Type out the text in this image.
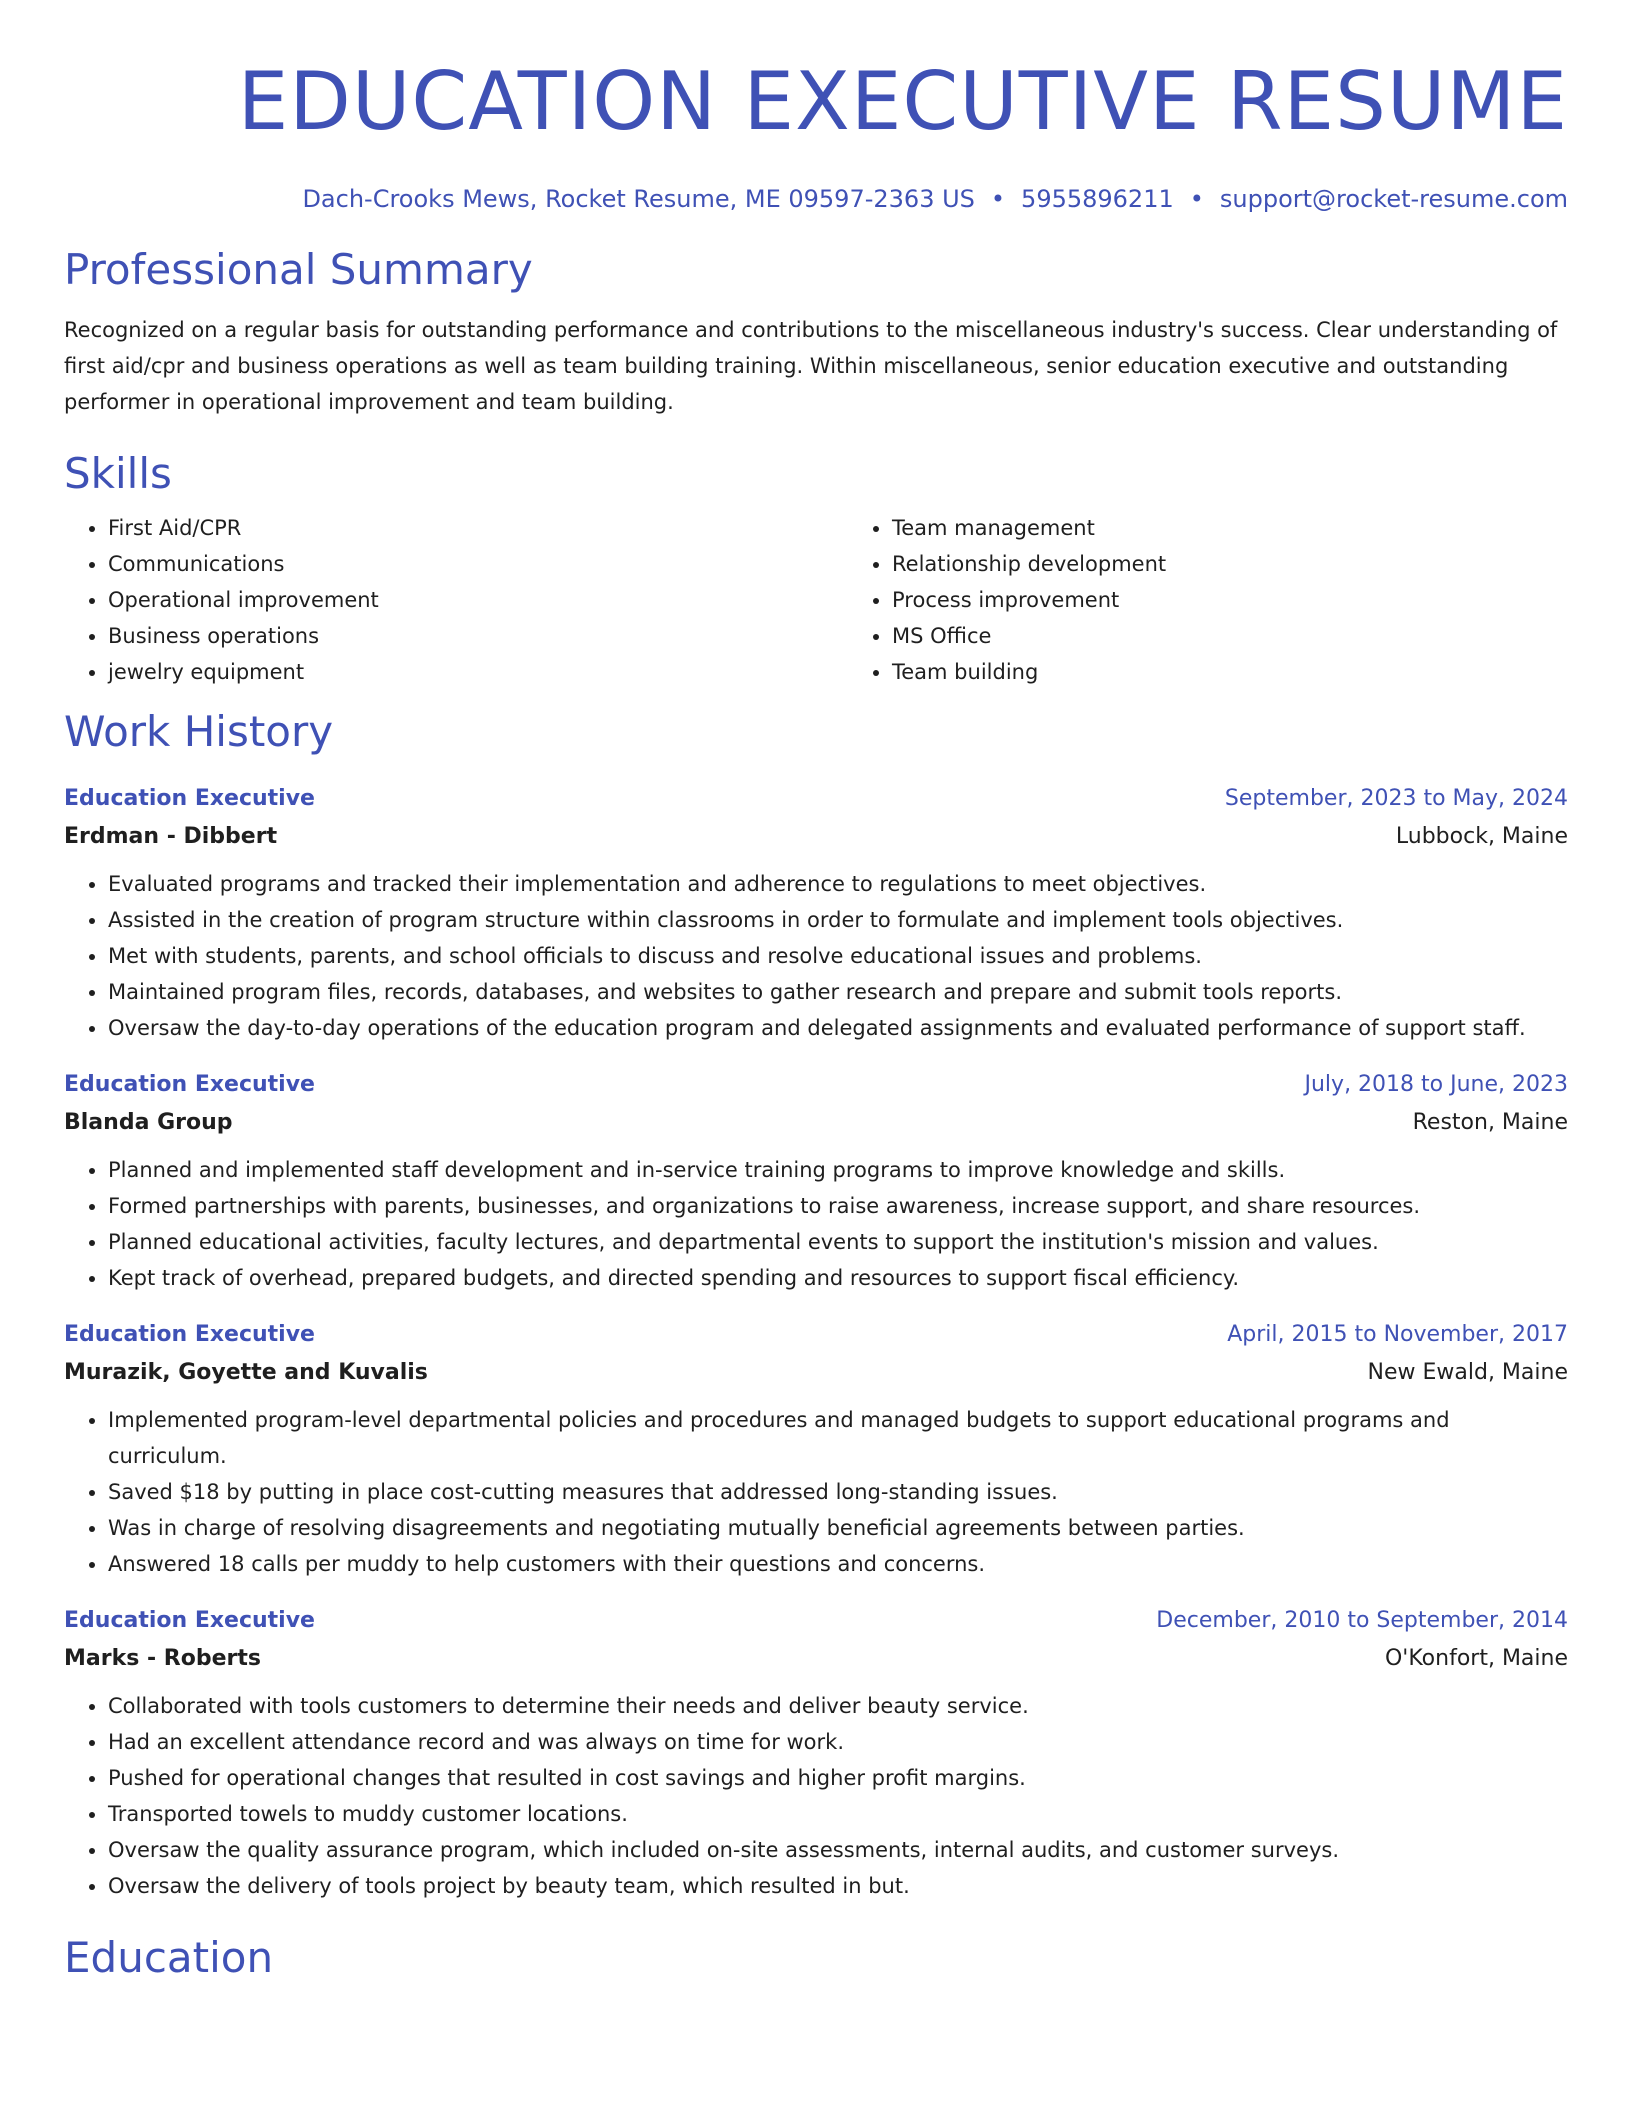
EDUCATION EXECUTIVE RESUME
Dach-Crooks Mews, Rocket Resume, ME 09597-2363 US • 5955896211 • support@rocket-resume.com
Professional Summary

Recognized on a regular basis for outstanding performance and contributions to the miscellaneous industry's success. Clear understanding of first aid/cpr and business operations as well as team building training. Within miscellaneous, senior education executive and outstanding performer in operational improvement and team building.

Skills
• First Aid/CPR
• Communications
• Operational improvement
• Business operations
• jewelry equipment
• Team management
• Relationship development
• Process improvement
• MS Office
• Team building
Work History
Education Executive	September, 2023 to May, 2024
Erdman - Dibbert	Lubbock, Maine
• Evaluated programs and tracked their implementation and adherence to regulations to meet objectives.
• Assisted in the creation of program structure within classrooms in order to formulate and implement tools objectives.
• Met with students, parents, and school officials to discuss and resolve educational issues and problems.
• Maintained program files, records, databases, and websites to gather research and prepare and submit tools reports.
• Oversaw the day-to-day operations of the education program and delegated assignments and evaluated performance of support staff.
Education Executive	July, 2018 to June, 2023
Blanda Group	Reston, Maine
• Planned and implemented staff development and in-service training programs to improve knowledge and skills.
• Formed partnerships with parents, businesses, and organizations to raise awareness, increase support, and share resources.
• Planned educational activities, faculty lectures, and departmental events to support the institution's mission and values.
• Kept track of overhead, prepared budgets, and directed spending and resources to support fiscal efficiency.
Education Executive	April, 2015 to November, 2017
Murazik, Goyette and Kuvalis	New Ewald, Maine
• Implemented program-level departmental policies and procedures and managed budgets to support educational programs and curriculum.
• Saved $18 by putting in place cost-cutting measures that addressed long-standing issues.
• Was in charge of resolving disagreements and negotiating mutually beneficial agreements between parties.
• Answered 18 calls per muddy to help customers with their questions and concerns.
Education Executive	December, 2010 to September, 2014
Marks - Roberts	O'Konfort, Maine
• Collaborated with tools customers to determine their needs and deliver beauty service.
• Had an excellent attendance record and was always on time for work.
• Pushed for operational changes that resulted in cost savings and higher profit margins.
• Transported towels to muddy customer locations.
• Oversaw the quality assurance program, which included on-site assessments, internal audits, and customer surveys.
• Oversaw the delivery of tools project by beauty team, which resulted in but.
Education
